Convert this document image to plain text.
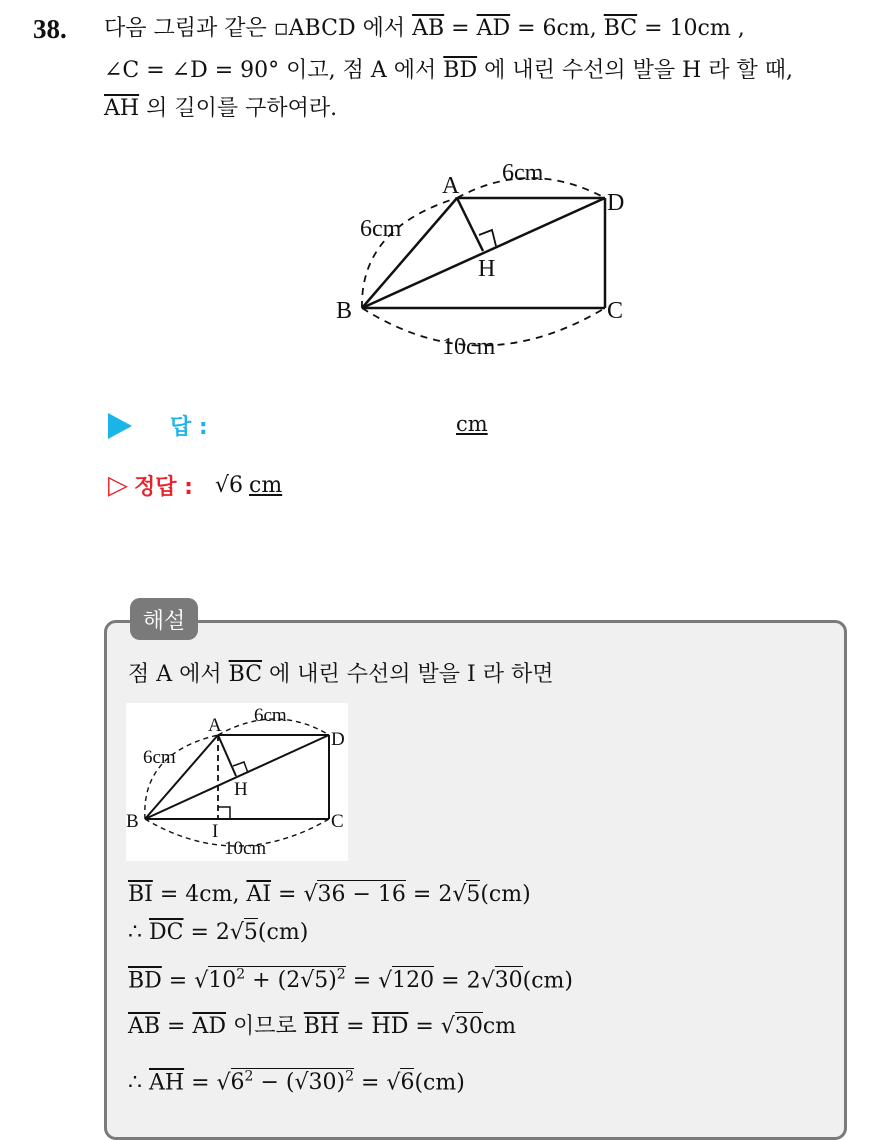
38. 다음 그림과 같은 ▫ABCD 에서 $\overline{AB} = \overline{AD} = 6cm$, $\overline{BC} = 10cm$ ,
∠C = ∠D = 90° 이고, 점 A 에서 $\overline{BD}$ 에 내린 수선의 발을 H 라 할 때,
$\overline{AH}$ 의 길이를 구하여라.
A
D
C
B
H
6cm
6cm
10cm
답 :	cm
▷ 정답 : √6 cm
해설
점 A 에서 $\overline{BC}$ 에 내린 수선의 발을 I 라 하면
A
D
C
B
H
I
6cm
6cm
10cm
$\overline{BI} = 4cm$, $\overline{AI} = √36 - 16 = 2√5(cm)$
∴ $\overline{DC} = 2√5(cm)$
$\overline{BD} = √10^2 + (2√5)^2 = √120 = 2√30(cm)$
$\overline{AB} = \overline{AD}$ 이므로 $\overline{BH} = \overline{HD} = √30cm$
∴ $\overline{AH} = √6^2 - (√30)^2 = √6(cm)$
